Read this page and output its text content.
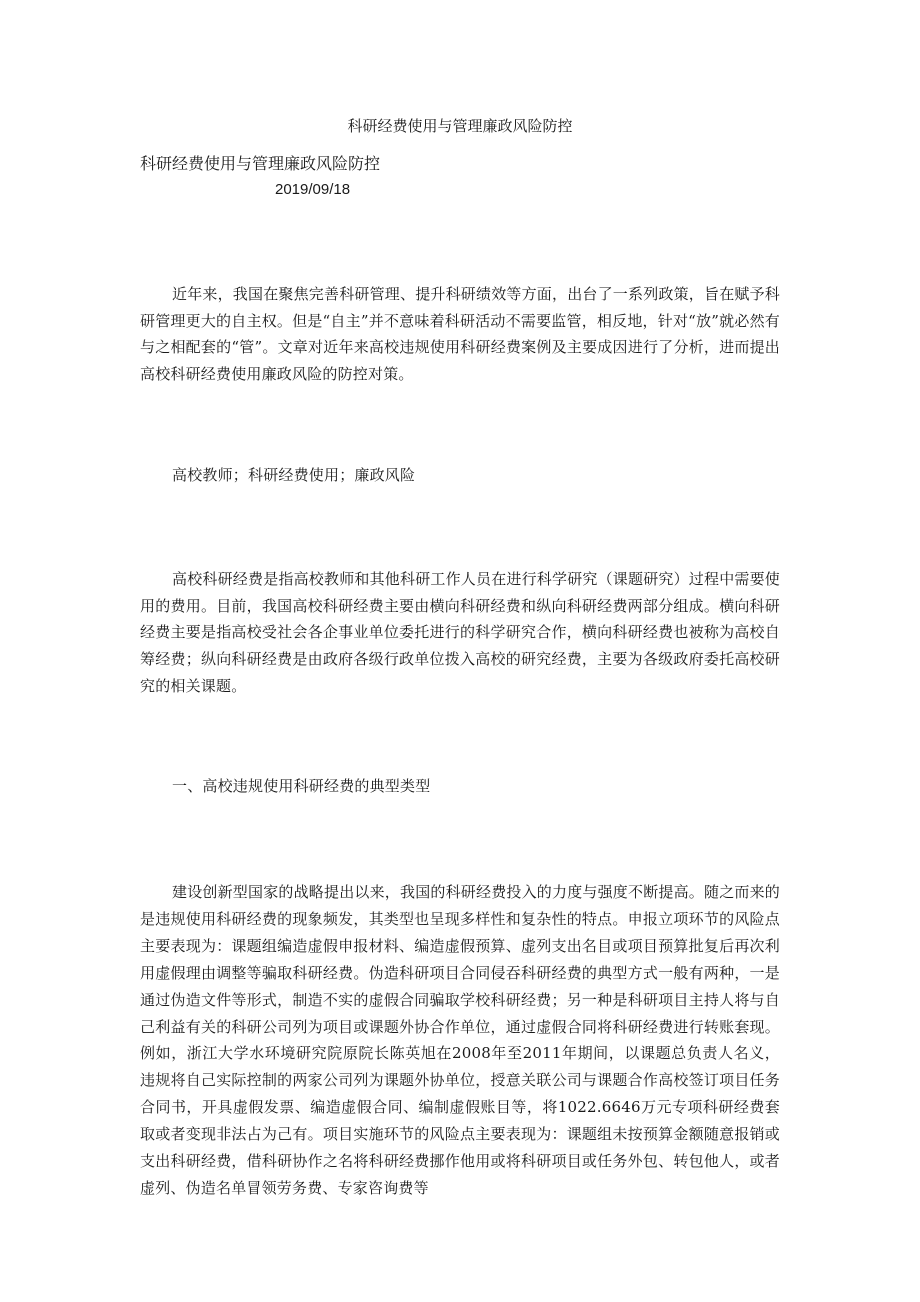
科研经费使用与管理廉政风险防控
科研经费使用与管理廉政风险防控
2019/09/18

近年来，我国在聚焦完善科研管理、提升科研绩效等方面，出台了一系列政策，旨在赋予科研管理更大的自主权。但是“自主”并不意味着科研活动不需要监管，相反地，针对“放”就必然有与之相配套的“管”。文章对近年来高校违规使用科研经费案例及主要成因进行了分析，进而提出高校科研经费使用廉政风险的防控对策。

高校教师；科研经费使用；廉政风险

高校科研经费是指高校教师和其他科研工作人员在进行科学研究（课题研究）过程中需要使用的费用。目前，我国高校科研经费主要由横向科研经费和纵向科研经费两部分组成。横向科研经费主要是指高校受社会各企事业单位委托进行的科学研究合作，横向科研经费也被称为高校自筹经费；纵向科研经费是由政府各级行政单位拨入高校的研究经费，主要为各级政府委托高校研究的相关课题。

一、高校违规使用科研经费的典型类型

建设创新型国家的战略提出以来，我国的科研经费投入的力度与强度不断提高。随之而来的是违规使用科研经费的现象频发，其类型也呈现多样性和复杂性的特点。申报立项环节的风险点主要表现为：课题组编造虚假申报材料、编造虚假预算、虚列支出名目或项目预算批复后再次利用虚假理由调整等骗取科研经费。伪造科研项目合同侵吞科研经费的典型方式一般有两种，一是通过伪造文件等形式，制造不实的虚假合同骗取学校科研经费；另一种是科研项目主持人将与自己利益有关的科研公司列为项目或课题外协合作单位，通过虚假合同将科研经费进行转账套现。例如，浙江大学水环境研究院原院长陈英旭在2008年至2011年期间，以课题总负责人名义，违规将自己实际控制的两家公司列为课题外协单位，授意关联公司与课题合作高校签订项目任务合同书，开具虚假发票、编造虚假合同、编制虚假账目等，将1022.6646万元专项科研经费套取或者变现非法占为己有。项目实施环节的风险点主要表现为：课题组未按预算金额随意报销或支出科研经费，借科研协作之名将科研经费挪作他用或将科研项目或任务外包、转包他人，或者虚列、伪造名单冒领劳务费、专家咨询费等
